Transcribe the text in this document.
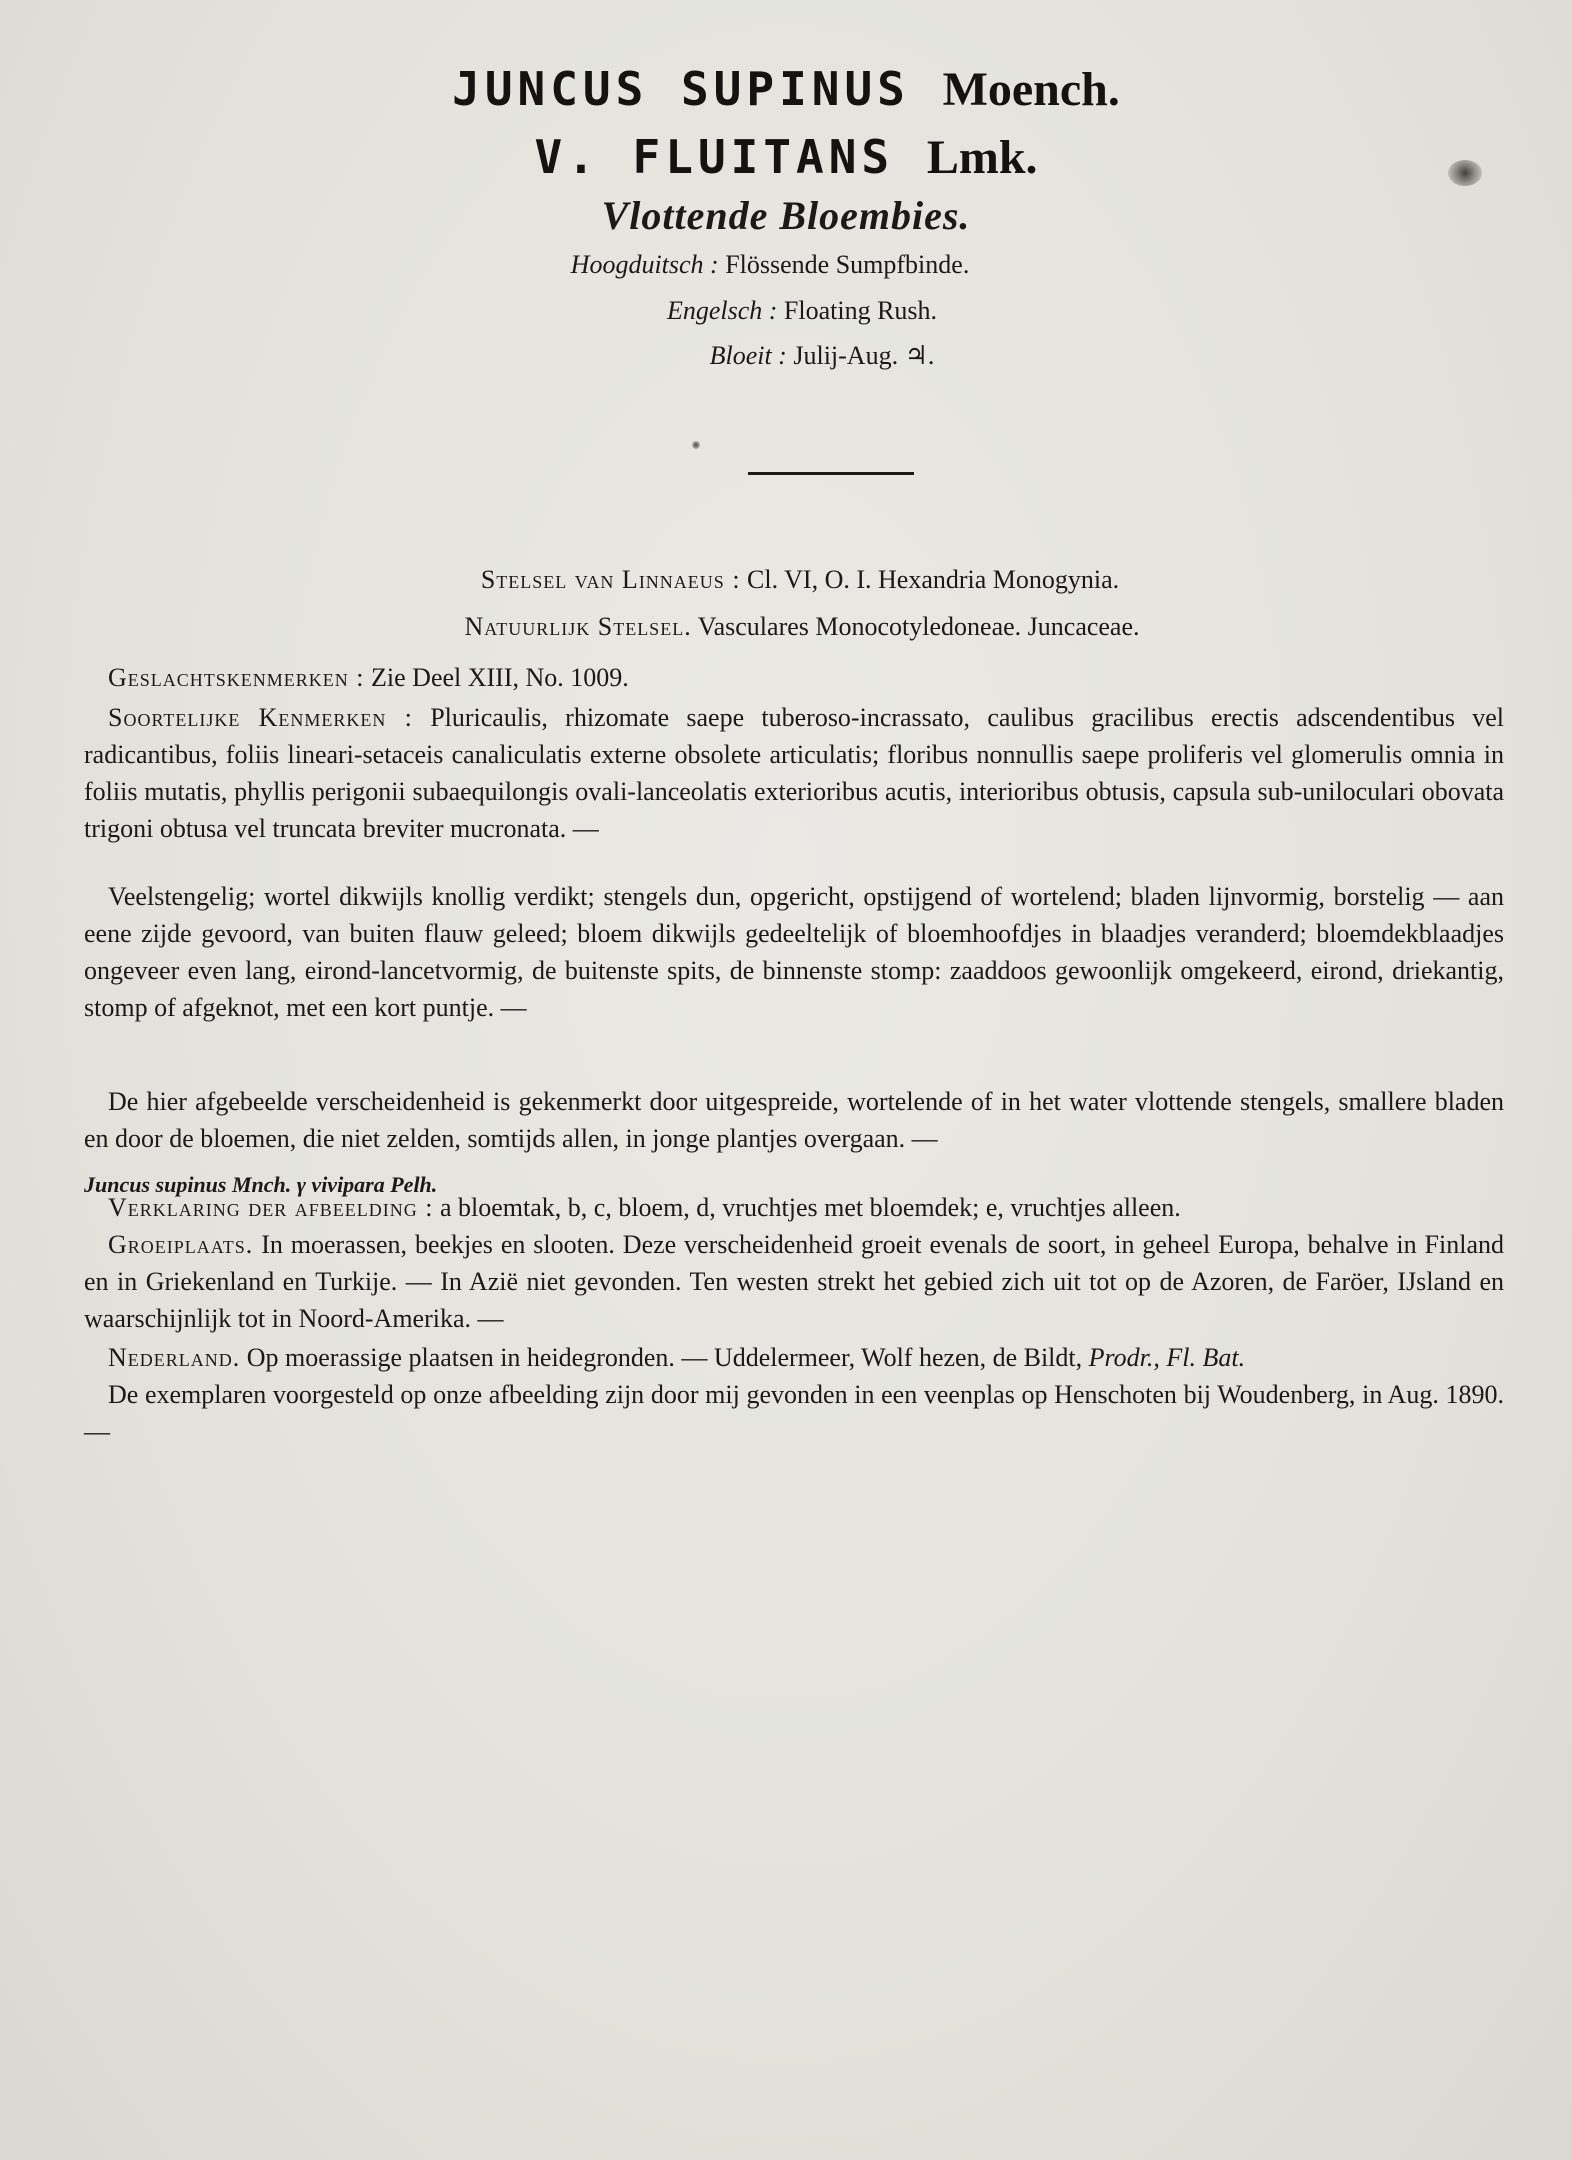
JUNCUS SUPINUS Moench.
V. FLUITANS Lmk.
Vlottende Bloembies.
Hoogduitsch : Flössende Sumpfbinde.
Engelsch : Floating Rush.
Bloeit : Julij-Aug. ♃.
Stelsel van Linnaeus : Cl. VI, O. I. Hexandria Monogynia.
Natuurlijk Stelsel. Vasculares Monocotyledoneae. Juncaceae.
Geslachtskenmerken : Zie Deel XIII, No. 1009.
Soortelijke Kenmerken : Pluricaulis, rhizomate saepe tuberoso-incrassato, caulibus gracilibus erectis adscendentibus vel radicantibus, foliis lineari-setaceis canaliculatis externe obsolete articulatis; floribus nonnullis saepe proliferis vel glomerulis omnia in foliis mutatis, phyllis perigonii subaequilongis ovali-lanceolatis exterioribus acutis, interioribus obtusis, capsula sub-uniloculari obovata trigoni obtusa vel truncata breviter mucronata. —
Veelstengelig; wortel dikwijls knollig verdikt; stengels dun, opgericht, opstijgend of wortelend; bladen lijnvormig, borstelig — aan eene zijde gevoord, van buiten flauw geleed; bloem dikwijls gedeeltelijk of bloemhoofdjes in blaadjes veranderd; bloemdekblaadjes ongeveer even lang, eirond-lancetvormig, de buitenste spits, de binnenste stomp: zaaddoos gewoonlijk omgekeerd, eirond, driekantig, stomp of afgeknot, met een kort puntje. —
De hier afgebeelde verscheidenheid is gekenmerkt door uitgespreide, wortelende of in het water vlottende stengels, smallere bladen en door de bloemen, die niet zelden, somtijds allen, in jonge plantjes overgaan. —
Juncus supinus Mnch. γ vivipara Pelh.
Verklaring der afbeelding : a bloemtak, b, c, bloem, d, vruchtjes met bloemdek; e, vruchtjes alleen.
Groeiplaats. In moerassen, beekjes en slooten. Deze verscheidenheid groeit evenals de soort, in geheel Europa, behalve in Finland en in Griekenland en Turkije. — In Azië niet gevonden. Ten westen strekt het gebied zich uit tot op de Azoren, de Faröer, IJsland en waarschijnlijk tot in Noord-Amerika. —
Nederland. Op moerassige plaatsen in heidegronden. — Uddelermeer, Wolf hezen, de Bildt, Prodr., Fl. Bat.
De exemplaren voorgesteld op onze afbeelding zijn door mij gevonden in een veenplas op Henschoten bij Woudenberg, in Aug. 1890. —
